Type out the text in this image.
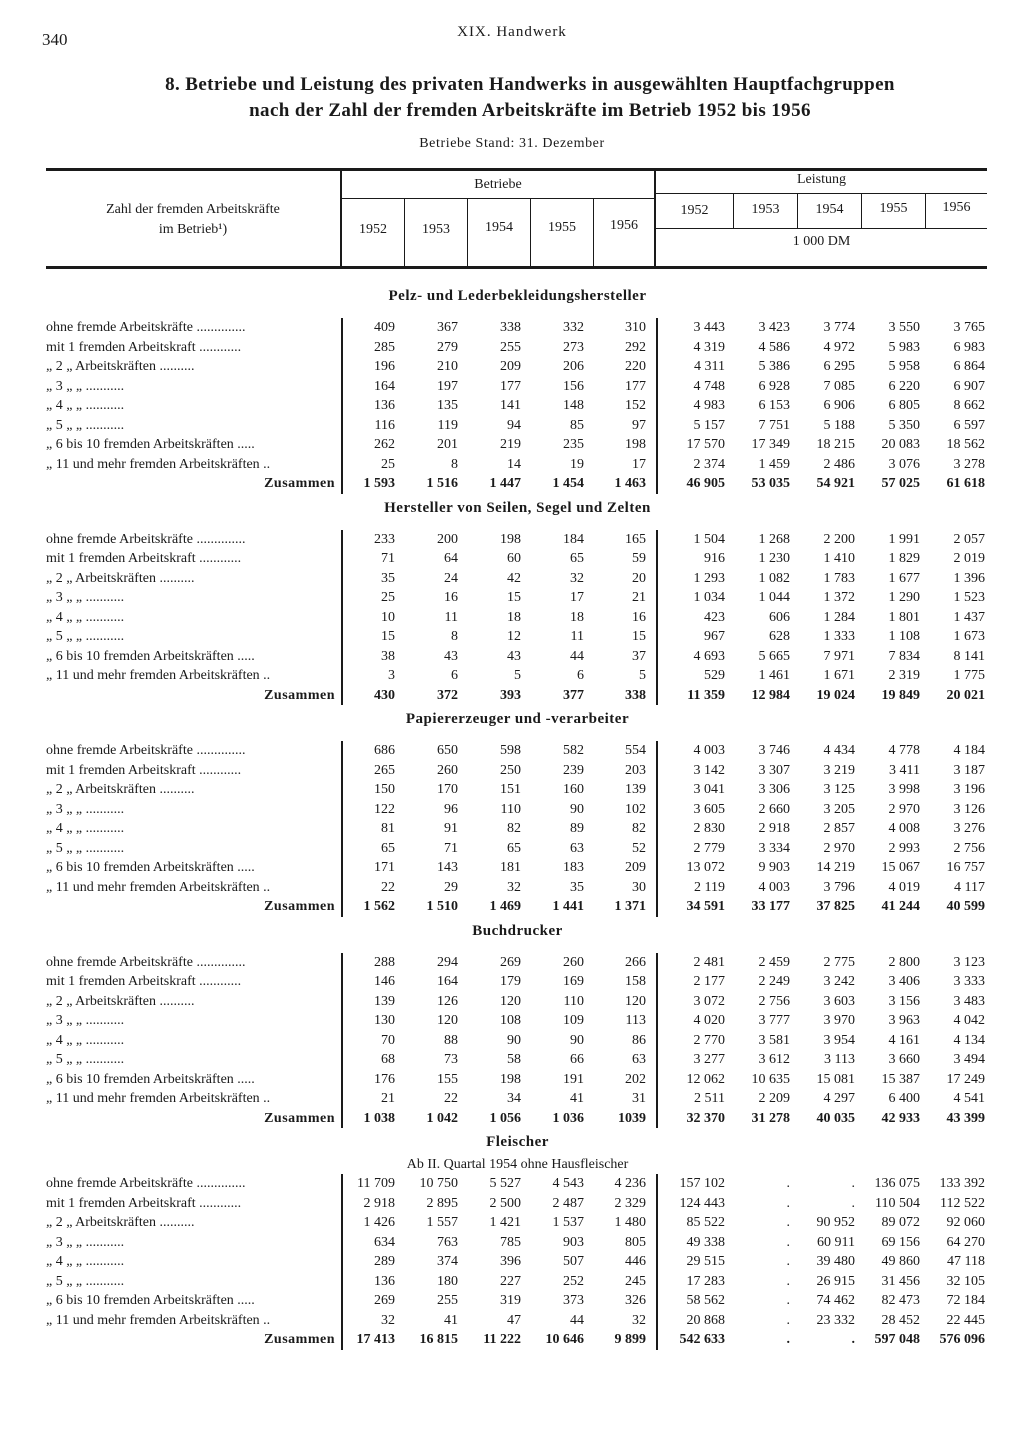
340	XIX. Handwerk
8. Betriebe und Leistung des privaten Handwerks in ausgewählten Hauptfachgruppen
nach der Zahl der fremden Arbeitskräfte im Betrieb 1952 bis 1956
Betriebe Stand: 31. Dezember
Zahl der fremden Arbeitskräfte
im Betrieb¹)
Betriebe	Leistung
1 000 DM
1952	1953	1954	1955	1956
1952	1953	1954	1955	1956
Pelz- und Lederbekleidungshersteller										

ohne fremde Arbeitskräfte ..............	409	367	338	332	310	3 443	3 423	3 774	3 550	3 765
mit 1 fremden Arbeitskraft ............	285	279	255	273	292	4 319	4 586	4 972	5 983	6 983
„ 2 „ Arbeitskräften ..........	196	210	209	206	220	4 311	5 386	6 295	5 958	6 864
„ 3 „ „ ...........	164	197	177	156	177	4 748	6 928	7 085	6 220	6 907
„ 4 „ „ ...........	136	135	141	148	152	4 983	6 153	6 906	6 805	8 662
„ 5 „ „ ...........	116	119	94	85	97	5 157	7 751	5 188	5 350	6 597
„ 6 bis 10 fremden Arbeitskräften .....	262	201	219	235	198	17 570	17 349	18 215	20 083	18 562
„ 11 und mehr fremden Arbeitskräften ..	25	8	14	19	17	2 374	1 459	2 486	3 076	3 278
Zusammen	1 593	1 516	1 447	1 454	1 463	46 905	53 035	54 921	57 025	61 618
Hersteller von Seilen, Segel und Zelten										

ohne fremde Arbeitskräfte ..............	233	200	198	184	165	1 504	1 268	2 200	1 991	2 057
mit 1 fremden Arbeitskraft ............	71	64	60	65	59	916	1 230	1 410	1 829	2 019
„ 2 „ Arbeitskräften ..........	35	24	42	32	20	1 293	1 082	1 783	1 677	1 396
„ 3 „ „ ...........	25	16	15	17	21	1 034	1 044	1 372	1 290	1 523
„ 4 „ „ ...........	10	11	18	18	16	423	606	1 284	1 801	1 437
„ 5 „ „ ...........	15	8	12	11	15	967	628	1 333	1 108	1 673
„ 6 bis 10 fremden Arbeitskräften .....	38	43	43	44	37	4 693	5 665	7 971	7 834	8 141
„ 11 und mehr fremden Arbeitskräften ..	3	6	5	6	5	529	1 461	1 671	2 319	1 775
Zusammen	430	372	393	377	338	11 359	12 984	19 024	19 849	20 021
Papiererzeuger und -verarbeiter										

ohne fremde Arbeitskräfte ..............	686	650	598	582	554	4 003	3 746	4 434	4 778	4 184
mit 1 fremden Arbeitskraft ............	265	260	250	239	203	3 142	3 307	3 219	3 411	3 187
„ 2 „ Arbeitskräften ..........	150	170	151	160	139	3 041	3 306	3 125	3 998	3 196
„ 3 „ „ ...........	122	96	110	90	102	3 605	2 660	3 205	2 970	3 126
„ 4 „ „ ...........	81	91	82	89	82	2 830	2 918	2 857	4 008	3 276
„ 5 „ „ ...........	65	71	65	63	52	2 779	3 334	2 970	2 993	2 756
„ 6 bis 10 fremden Arbeitskräften .....	171	143	181	183	209	13 072	9 903	14 219	15 067	16 757
„ 11 und mehr fremden Arbeitskräften ..	22	29	32	35	30	2 119	4 003	3 796	4 019	4 117
Zusammen	1 562	1 510	1 469	1 441	1 371	34 591	33 177	37 825	41 244	40 599
Buchdrucker										

ohne fremde Arbeitskräfte ..............	288	294	269	260	266	2 481	2 459	2 775	2 800	3 123
mit 1 fremden Arbeitskraft ............	146	164	179	169	158	2 177	2 249	3 242	3 406	3 333
„ 2 „ Arbeitskräften ..........	139	126	120	110	120	3 072	2 756	3 603	3 156	3 483
„ 3 „ „ ...........	130	120	108	109	113	4 020	3 777	3 970	3 963	4 042
„ 4 „ „ ...........	70	88	90	90	86	2 770	3 581	3 954	4 161	4 134
„ 5 „ „ ...........	68	73	58	66	63	3 277	3 612	3 113	3 660	3 494
„ 6 bis 10 fremden Arbeitskräften .....	176	155	198	191	202	12 062	10 635	15 081	15 387	17 249
„ 11 und mehr fremden Arbeitskräften ..	21	22	34	41	31	2 511	2 209	4 297	6 400	4 541
Zusammen	1 038	1 042	1 056	1 036	1039	32 370	31 278	40 035	42 933	43 399
Fleischer										
Ab II. Quartal 1954 ohne Hausfleischer										
ohne fremde Arbeitskräfte ..............	11 709	10 750	5 527	4 543	4 236	157 102	.	.	136 075	133 392
mit 1 fremden Arbeitskraft ............	2 918	2 895	2 500	2 487	2 329	124 443	.	.	110 504	112 522
„ 2 „ Arbeitskräften ..........	1 426	1 557	1 421	1 537	1 480	85 522	.	90 952	89 072	92 060
„ 3 „ „ ...........	634	763	785	903	805	49 338	.	60 911	69 156	64 270
„ 4 „ „ ...........	289	374	396	507	446	29 515	.	39 480	49 860	47 118
„ 5 „ „ ...........	136	180	227	252	245	17 283	.	26 915	31 456	32 105
„ 6 bis 10 fremden Arbeitskräften .....	269	255	319	373	326	58 562	.	74 462	82 473	72 184
„ 11 und mehr fremden Arbeitskräften ..	32	41	47	44	32	20 868	.	23 332	28 452	22 445
Zusammen	17 413	16 815	11 222	10 646	9 899	542 633	.	.	597 048	576 096
